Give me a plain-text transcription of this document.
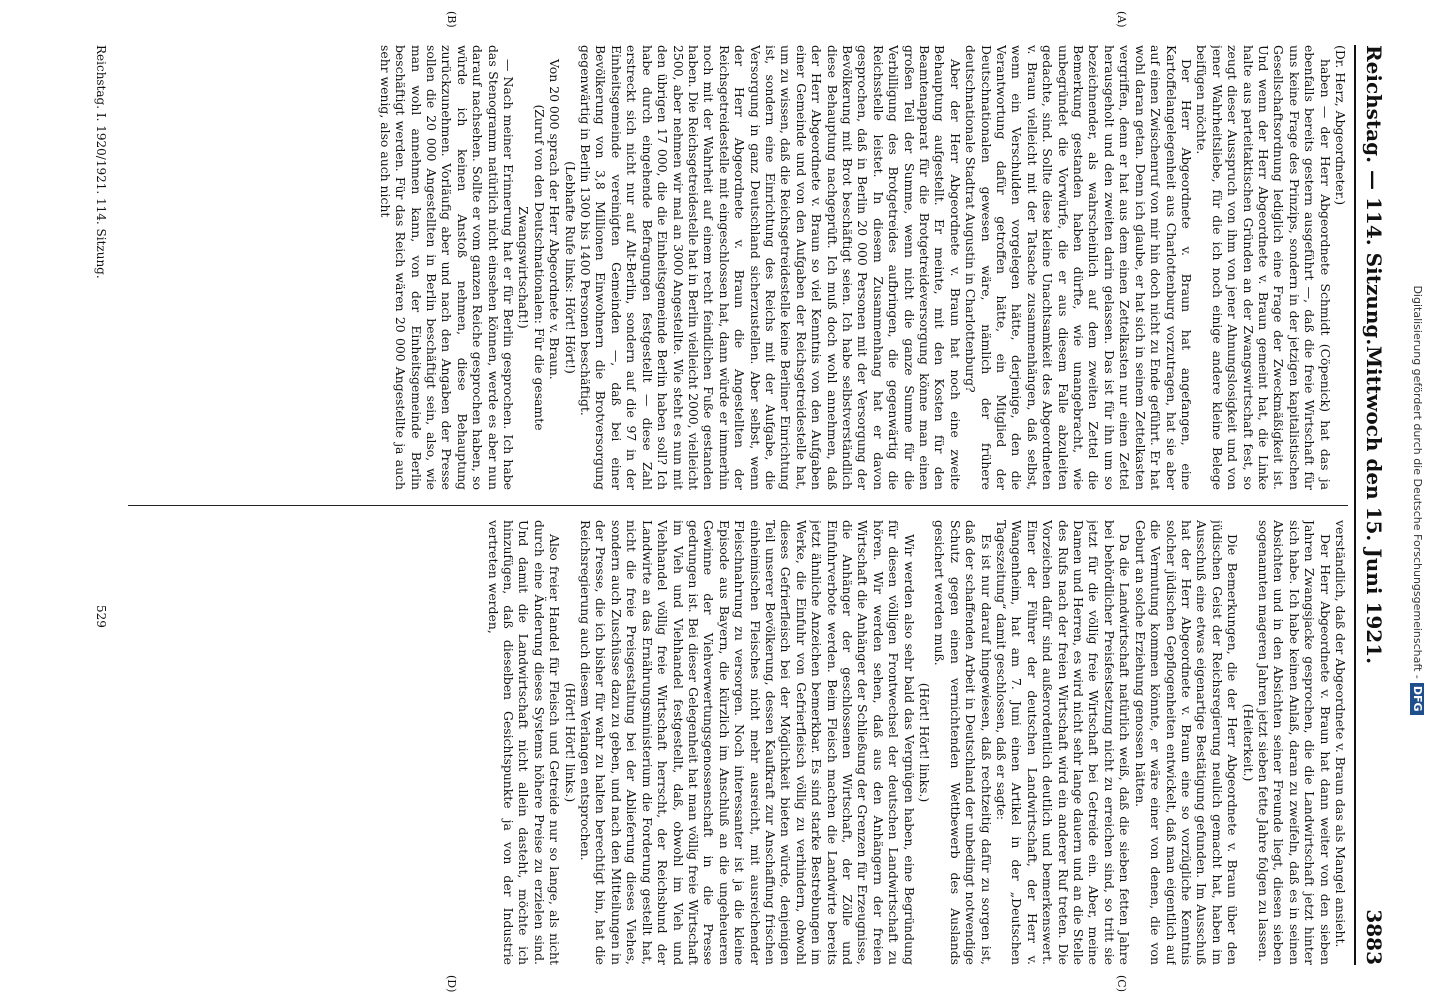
Reichstag. — 114. Sitzung.
Mittwoch den 15. Juni 1921.
3883
(A)
(B)
(C)
(D)

(Dr. Herz, Abgeordneter.)

haben — der Herr Abgeordnete Schmidt (Cöpenick) hat das ja ebenfalls bereits gestern ausgeführt —, daß die freie Wirtschaft für uns keine Frage des Prinzips, sondern in der jetzigen kapitalistischen Gesellschaftsordnung lediglich eine Frage der Zweckmäßigkeit ist. Und wenn der Herr Abgeordnete v. Braun gemeint hat, die Linke halte aus parteitaktischen Gründen an der Zwangswirtschaft fest, so zeugt dieser Ausspruch von ihm von jener Ahnungslosigkeit und von jener Wahrheitsliebe, für die ich noch einige andere kleine Belege beifügen möchte.

Der Herr Abgeordnete v. Braun hat angefangen, eine Kartoffelangelegenheit aus Charlottenburg vorzutragen, hat sie aber auf einen Zwischenruf von mir hin doch nicht zu Ende geführt. Er hat wohl daran getan. Denn ich glaube, er hat sich in seinem Zettelkasten vergriffen, denn er hat aus dem einen Zettelkasten nur einen Zettel herausgeholt und den zweiten darin gelassen. Das ist für ihn um so bezeichnender, als wahrscheinlich auf dem zweiten Zettel die Bemerkung gestanden haben dürfte, wie unangebracht, wie unbegründet die Vorwürfe, die er aus diesem Falle abzuleiten gedachte, sind. Sollte diese kleine Unachtsamkeit des Abgeordneten v. Braun vielleicht mit der Tatsache zusammenhängen, daß selbst, wenn ein Verschulden vorgelegen hätte, derjenige, den die Verantwortung dafür getroffen hätte, ein Mitglied der Deutschnationalen gewesen wäre, nämlich der frühere deutschnationale Stadtrat Augustin in Charlottenburg?

Aber der Herr Abgeordnete v. Braun hat noch eine zweite Behauptung aufgestellt. Er meinte, mit den Kosten für den Beamtenapparat für die Brotgetreideversorgung könne man einen großen Teil der Summe, wenn nicht die ganze Summe für die Verbilligung des Brotgetreides aufbringen, die gegenwärtig die Reichsstelle leistet. In diesem Zusammenhang hat er davon gesprochen, daß in Berlin 20 000 Personen mit der Versorgung der Bevölkerung mit Brot beschäftigt seien. Ich habe selbstverständlich diese Behauptung nachgeprüft. Ich muß doch wohl annehmen, daß der Herr Abgeordnete v. Braun so viel Kenntnis von den Aufgaben einer Gemeinde und von den Aufgaben der Reichsgetreidestelle hat, um zu wissen, daß die Reichsgetreidestelle keine Berliner Einrichtung ist, sondern eine Einrichtung des Reichs mit der Aufgabe, die Versorgung in ganz Deutschland sicherzustellen. Aber selbst, wenn der Herr Abgeordnete v. Braun die Angestellten der Reichsgetreidestelle mit eingeschlossen hat, dann würde er immerhin noch mit der Wahrheit auf einem recht feindlichen Fuße gestanden haben. Die Reichsgetreidestelle hat in Berlin vielleicht 2000, vielleicht 2500, aber nehmen wir mal an 3000 Angestellte. Wie steht es nun mit den übrigen 17 000, die die Einheitsgemeinde Berlin haben soll? Ich habe durch eingehende Befragungen festgestellt — diese Zahl erstreckt sich nicht nur auf Alt-Berlin, sondern auf die 97 in der Einheitsgemeinde vereinigten Gemeinden —, daß bei einer Bevölkerung von 3,8 Millionen Einwohnern die Brotversorgung gegenwärtig in Berlin 1300 bis 1400 Personen beschäftigt.

(Lebhafte Rufe links: Hört! Hört!)

Von 20 000 sprach der Herr Abgeordnete v. Braun.

(Zuruf von den Deutschnationalen: Für die gesamte Zwangswirtschaft!)

— Nach meiner Erinnerung hat er für Berlin gesprochen. Ich habe das Stenogramm natürlich nicht einsehen können, werde es aber nun darauf nachsehen. Sollte er vom ganzen Reiche gesprochen haben, so würde ich keinen Anstoß nehmen, diese Behauptung zurückzunehmen. Vorläufig aber und nach den Angaben der Presse sollen die 20 000 Angestellten in Berlin beschäftigt sein, also, wie man wohl annehmen kann, von der Einheitsgemeinde Berlin beschäftigt werden. Für das Reich wären 20 000 Angestellte ja auch sehr wenig, also auch nicht

verständlich, daß der Abgeordnete v. Braun das als Mangel ansieht.

Der Herr Abgeordnete v. Braun hat dann weiter von den sieben Jahren Zwangsjacke gesprochen, die die Landwirtschaft jetzt hinter sich habe. Ich habe keinen Anlaß, daran zu zweifeln, daß es in seinen Absichten und in den Absichten seiner Freunde liegt, diesen sieben sogenannten mageren Jahren jetzt sieben fette Jahre folgen zu lassen.

(Heiterkeit.)

Die Bemerkungen, die der Herr Abgeordnete v. Braun über den jüdischen Geist der Reichsregierung neulich gemacht hat, haben im Ausschuß eine etwas eigenartige Bestätigung gefunden. Im Ausschuß hat der Herr Abgeordnete v. Braun eine so vorzügliche Kenntnis solcher jüdischen Gepflogenheiten entwickelt, daß man eigentlich auf die Vermutung kommen könnte, er wäre einer von denen, die von Geburt an solche Erziehung genossen hätten.

Da die Landwirtschaft natürlich weiß, daß die sieben fetten Jahre bei behördlicher Preisfestsetzung nicht zu erreichen sind, so tritt sie jetzt für die völlig freie Wirtschaft bei Getreide ein. Aber, meine Damen und Herren, es wird nicht sehr lange dauern und an die Stelle des Rufs nach der freien Wirtschaft wird ein anderer Ruf treten. Die Vorzeichen dafür sind außerordentlich deutlich und bemerkenswert. Einer der Führer der deutschen Landwirtschaft, der Herr v. Wangenheim, hat am 7. Juni einen Artikel in der „Deutschen Tageszeitung“ damit geschlossen, daß er sagte:

Es ist nur darauf hingewiesen, daß rechtzeitig dafür zu sorgen ist, daß der schaffenden Arbeit in Deutschland der unbedingt notwendige Schutz gegen einen vernichtenden Wettbewerb des Auslands gesichert werden muß.

(Hört! Hört! links.)

Wir werden also sehr bald das Vergnügen haben, eine Begründung für diesen völligen Frontwechsel der deutschen Landwirtschaft zu hören. Wir werden sehen, daß aus den Anhängern der freien Wirtschaft die Anhänger der Schließung der Grenzen für Erzeugnisse, die Anhänger der geschlossenen Wirtschaft, der Zölle und Einfuhrverbote werden. Beim Fleisch machen die Landwirte bereits jetzt ähnliche Anzeichen bemerkbar. Es sind starke Bestrebungen im Werke, die Einfuhr von Gefrierfleisch völlig zu verhindern, obwohl dieses Gefrierfleisch bei der Möglichkeit bieten würde, denjenigen Teil unserer Bevölkerung, dessen Kaufkraft zur Anschaffung frischen einheimischen Fleisches nicht mehr ausreicht, mit ausreichender Fleischnahrung zu versorgen. Noch interessanter ist ja die kleine Episode aus Bayern, die kürzlich im Anschluß an die ungeheueren Gewinne der Viehverwertungsgenossenschaft in die Presse gedrungen ist. Bei dieser Gelegenheit hat man völlig freie Wirtschaft im Vieh und Viehhandel festgestellt, daß, obwohl im Vieh und Viehhandel völlig freie Wirtschaft herrscht, der Reichsbund der Landwirte an das Ernährungsministerium die Forderung gestellt hat, nicht die freie Preisgestaltung bei der Ablieferung dieses Viehes, sondern auch Zuschüsse dazu zu geben, und nach den Mitteilungen in der Presse, die ich bisher für wahr zu halten berechtigt bin, hat die Reichsregierung auch diesem Verlangen entsprochen.

(Hört! Hört! links.)

Also freier Handel für Fleisch und Getreide nur so lange, als nicht durch eine Änderung dieses Systems höhere Preise zu erzielen sind. Und damit die Landwirtschaft nicht allein dasteht, möchte ich hinzufügen, daß dieselben Gesichtspunkte ja von der Industrie vertreten werden,

Reichstag. I. 1920/1921. 114. Sitzung.
529	Digitalisierung gefördert durch die Deutsche Forschungsgemeinschaft -DFG
